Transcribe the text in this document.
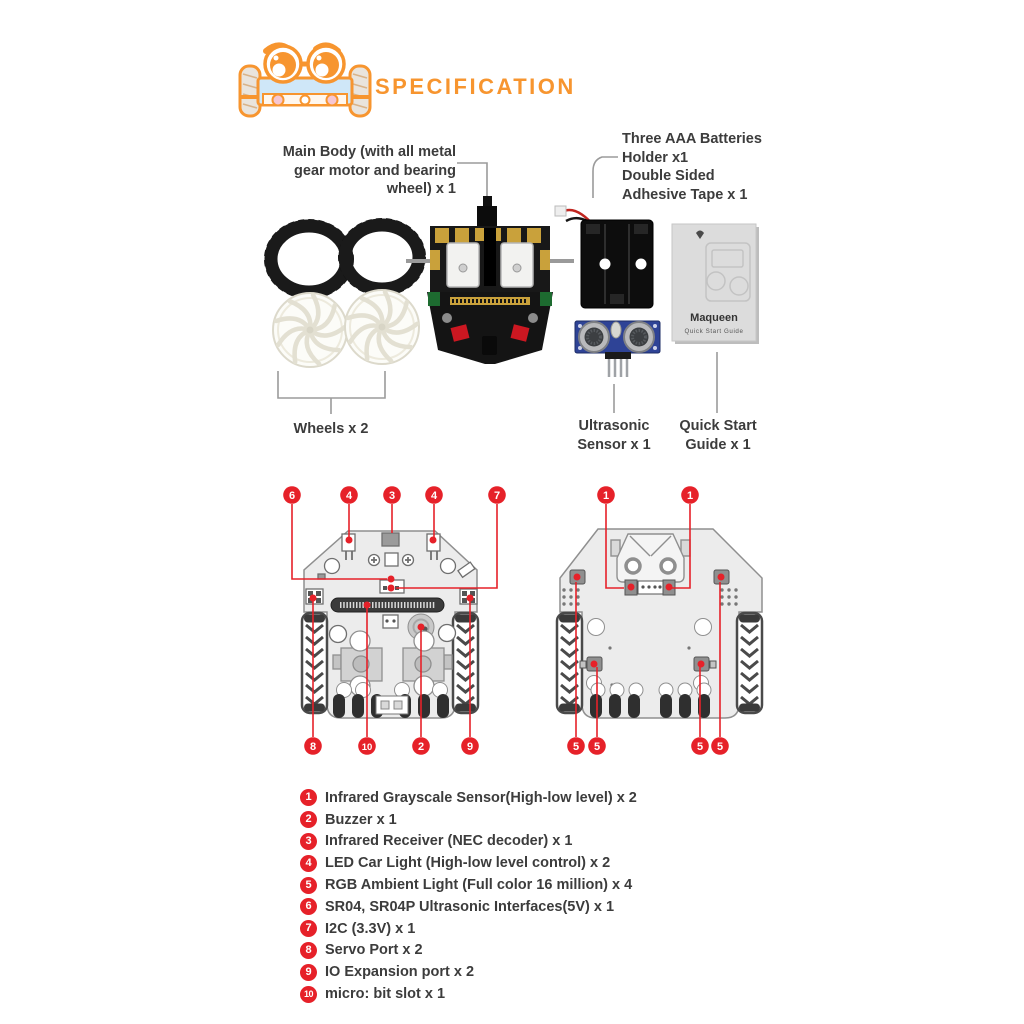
SPECIFICATION
Maqueen
Quick Start Guide
Main Body (with all metal gear motor and bearing wheel) x 1
Three AAA Batteries
Holder x1
Double Sided
Adhesive Tape x 1
Wheels x 2	Ultrasonic
Sensor x 1
Quick Start
Guide x 1
6	4	3	4	7
8	10	2	9
1	1
5 5	5 5
1 Infrared Grayscale Sensor(High-low level) x 2
2 Buzzer x 1
3 Infrared Receiver (NEC decoder) x 1
4 LED Car Light (High-low level control) x 2
5 RGB Ambient Light (Full color 16 million) x 4
6 SR04, SR04P Ultrasonic Interfaces(5V) x 1
7 I2C (3.3V) x 1
8 Servo Port x 2
9 IO Expansion port x 2
10 micro: bit slot x 1
